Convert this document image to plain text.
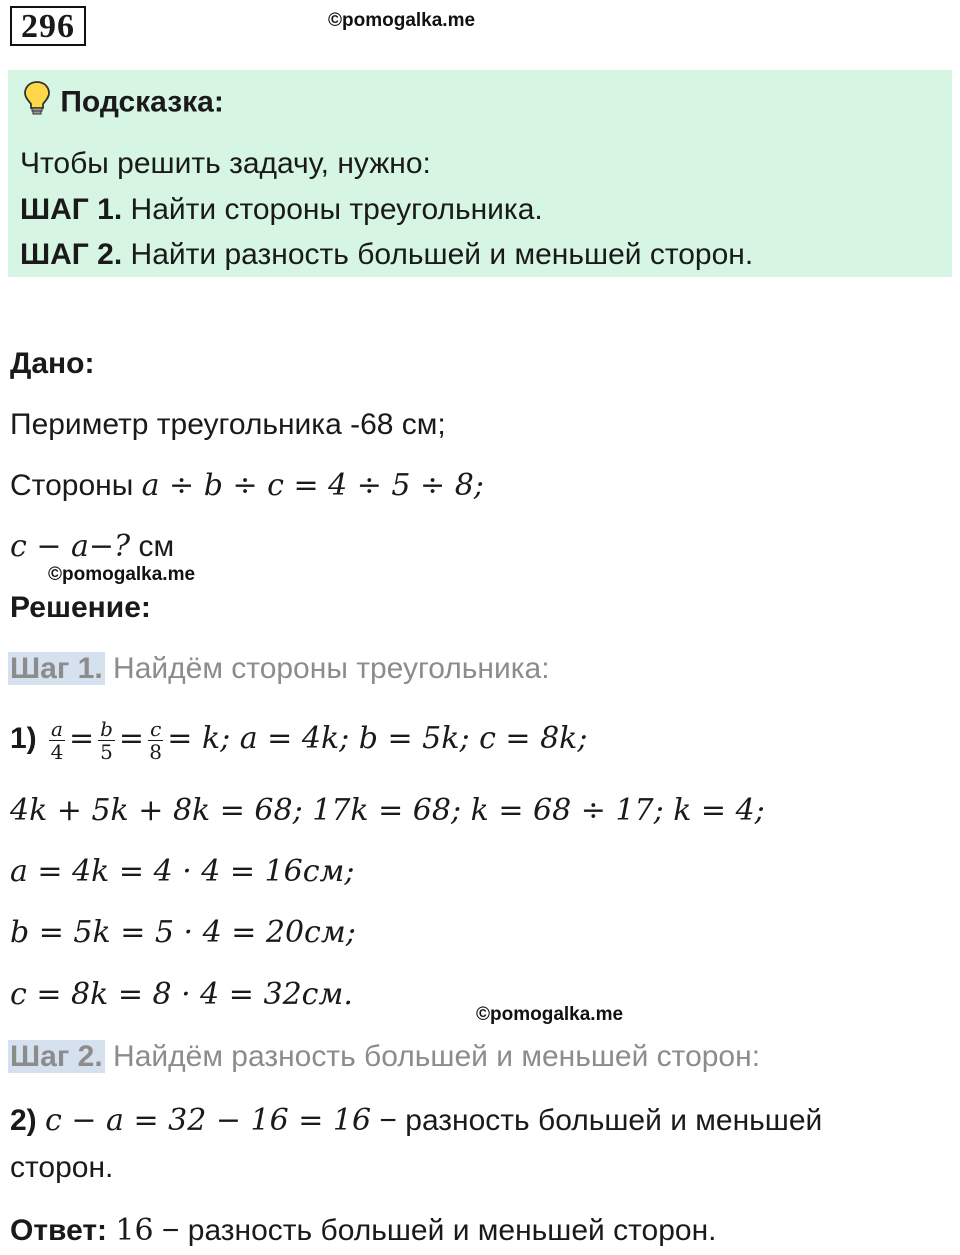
296	©pomogalka.me
Подсказка:
Чтобы решить задачу, нужно:
ШАГ 1. Найти стороны треугольника.
ШАГ 2. Найти разность большей и меньшей сторон.
Дано:
Периметр треугольника -68 см;
Стороны a ÷ b ÷ c = 4 ÷ 5 ÷ 8;
c − a−? см
©pomogalka.me
Решение:
Шаг 1. Найдём стороны треугольника:
$1) \frac{a}{4} = \frac{b}{5} = \frac{c}{8} = k$; a = 4k; b = 5k; c = 8k;
4k + 5k + 8k = 68; 17k = 68; k = 68 ÷ 17; k = 4;
a = 4k = 4 · 4 = 16см;
b = 5k = 5 · 4 = 20см;
c = 8k = 8 · 4 = 32см.
©pomogalka.me
Шаг 2. Найдём разность большей и меньшей сторон:
2) c − a = 32 − 16 = 16 − разность большей и меньшей
сторон.
Ответ: 16 − разность большей и меньшей сторон.
